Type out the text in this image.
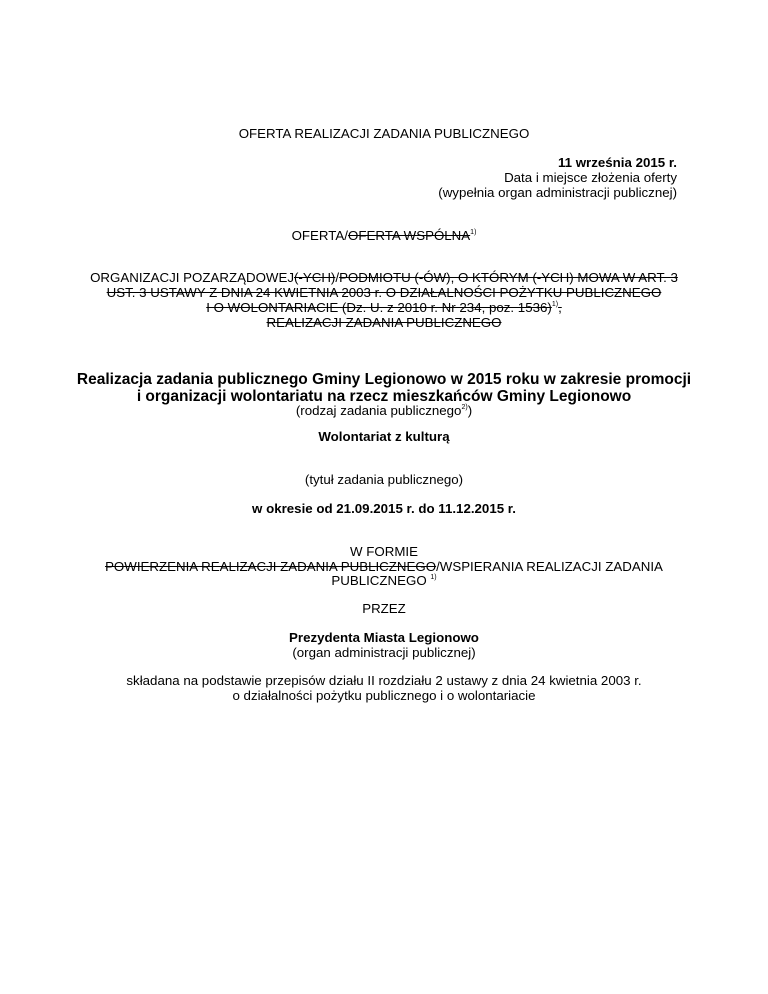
OFERTA REALIZACJI ZADANIA PUBLICZNEGO
11 września 2015 r.
Data i miejsce złożenia oferty
(wypełnia organ administracji publicznej)
OFERTA/OFERTA WSPÓLNA$^{1)}$
ORGANIZACJI POZARZĄDOWEJ(-YCH)/PODMIOTU (-ÓW), O KTÓRYM (-YCH) MOWA W ART. 3
UST. 3 USTAWY Z DNIA 24 KWIETNIA 2003 r. O DZIAŁALNOŚCI POŻYTKU PUBLICZNEGO
I O WOLONTARIACIE (Dz. U. z 2010 r. Nr 234, poz. 1536)$^{1)}$,
REALIZACJI ZADANIA PUBLICZNEGO
Realizacja zadania publicznego Gminy Legionowo w 2015 roku w zakresie promocji
i organizacji wolontariatu na rzecz mieszkańców Gminy Legionowo
(rodzaj zadania publicznego$^{2)}$)
Wolontariat z kulturą
(tytuł zadania publicznego)
w okresie od 21.09.2015 r. do 11.12.2015 r.
W FORMIE
POWIERZENIA REALIZACJI ZADANIA PUBLICZNEGO/WSPIERANIA REALIZACJI ZADANIA
PUBLICZNEGO $^{1)}$
PRZEZ
Prezydenta Miasta Legionowo
(organ administracji publicznej)
składana na podstawie przepisów działu II rozdziału 2 ustawy z dnia 24 kwietnia 2003 r.
o działalności pożytku publicznego i o wolontariacie
